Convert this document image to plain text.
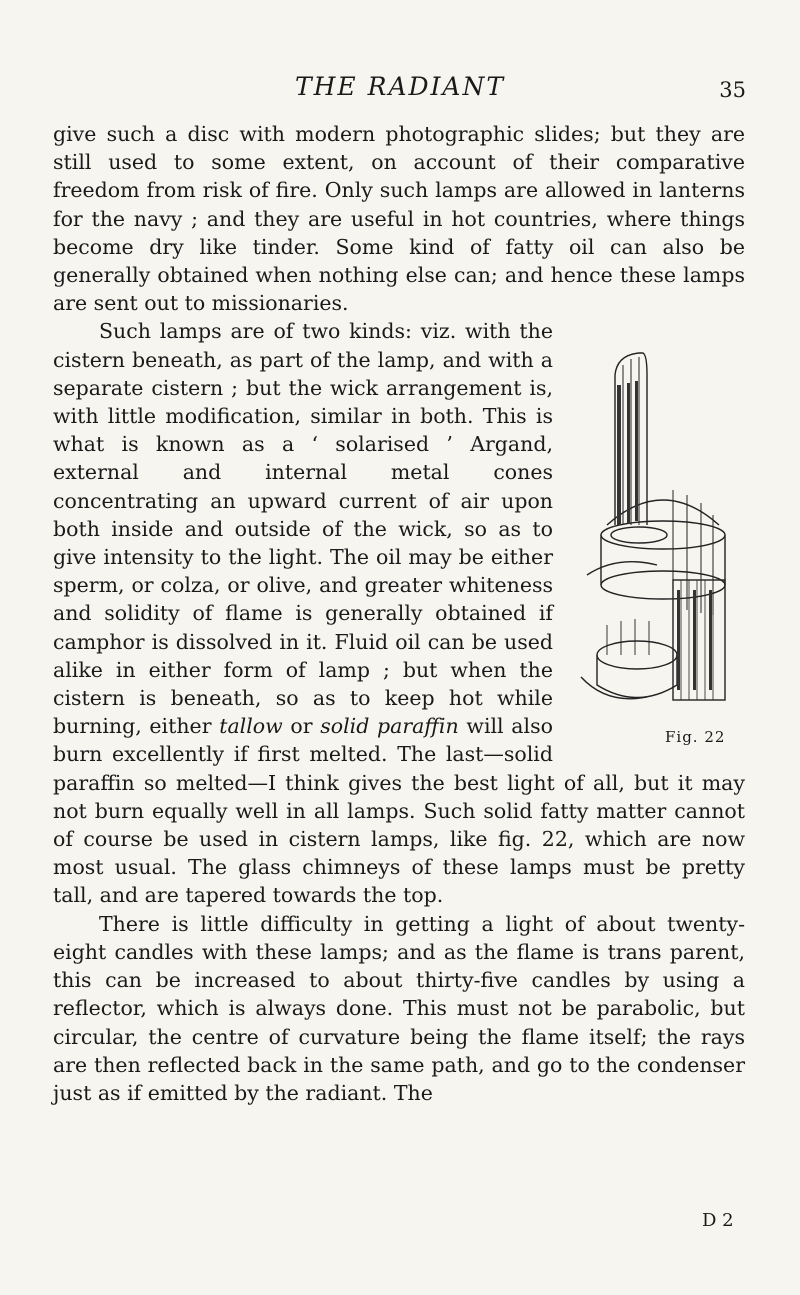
THE RADIANT	35

give such a disc with modern photographic slides; but they are still used to some extent, on account of their comparative freedom from risk of fire. Only such lamps are allowed in lanterns for the navy ; and they are useful in hot countries, where things become dry like tinder. Some kind of fatty oil can also be generally obtained when nothing else can; and hence these lamps are sent out to missionaries.

Fig. 22

Such lamps are of two kinds: viz. with the cistern beneath, as part of the lamp, and with a separate cistern ; but the wick arrangement is, with little modification, similar in both. This is what is known as a ‘ solarised ’ Argand, external and internal metal cones concentrating an upward current of air upon both inside and outside of the wick, so as to give intensity to the light. The oil may be either sperm, or colza, or olive, and greater whiteness and solidity of flame is generally obtained if camphor is dissolved in it. Fluid oil can be used alike in either form of lamp ; but when the cistern is beneath, so as to keep hot while burning, either tallow or solid paraffin will also burn excellently if first melted. The last—solid paraffin so melted—I think gives the best light of all, but it may not burn equally well in all lamps. Such solid fatty matter cannot of course be used in cistern lamps, like fig. 22, which are now most usual. The glass chimneys of these lamps must be pretty tall, and are tapered towards the top.

There is little difficulty in getting a light of about twenty-eight candles with these lamps; and as the flame is trans parent, this can be increased to about thirty-five candles by using a reflector, which is always done. This must not be parabolic, but circular, the centre of curvature being the flame itself; the rays are then reflected back in the same path, and go to the condenser just as if emitted by the radiant. The

D 2
